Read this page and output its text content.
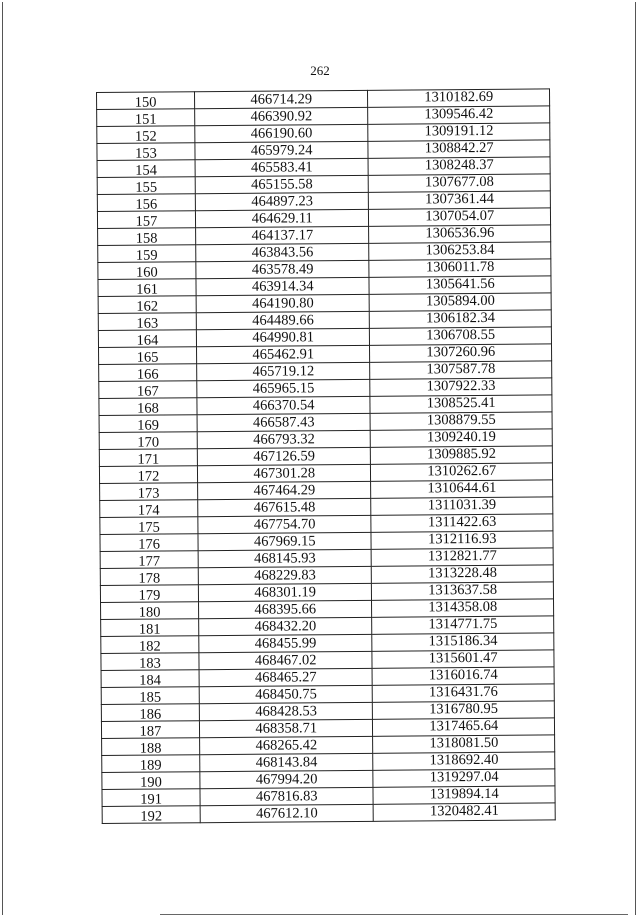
262
150	466714.29	1310182.69
151	466390.92	1309546.42
152	466190.60	1309191.12
153	465979.24	1308842.27
154	465583.41	1308248.37
155	465155.58	1307677.08
156	464897.23	1307361.44
157	464629.11	1307054.07
158	464137.17	1306536.96
159	463843.56	1306253.84
160	463578.49	1306011.78
161	463914.34	1305641.56
162	464190.80	1305894.00
163	464489.66	1306182.34
164	464990.81	1306708.55
165	465462.91	1307260.96
166	465719.12	1307587.78
167	465965.15	1307922.33
168	466370.54	1308525.41
169	466587.43	1308879.55
170	466793.32	1309240.19
171	467126.59	1309885.92
172	467301.28	1310262.67
173	467464.29	1310644.61
174	467615.48	1311031.39
175	467754.70	1311422.63
176	467969.15	1312116.93
177	468145.93	1312821.77
178	468229.83	1313228.48
179	468301.19	1313637.58
180	468395.66	1314358.08
181	468432.20	1314771.75
182	468455.99	1315186.34
183	468467.02	1315601.47
184	468465.27	1316016.74
185	468450.75	1316431.76
186	468428.53	1316780.95
187	468358.71	1317465.64
188	468265.42	1318081.50
189	468143.84	1318692.40
190	467994.20	1319297.04
191	467816.83	1319894.14
192	467612.10	1320482.41
